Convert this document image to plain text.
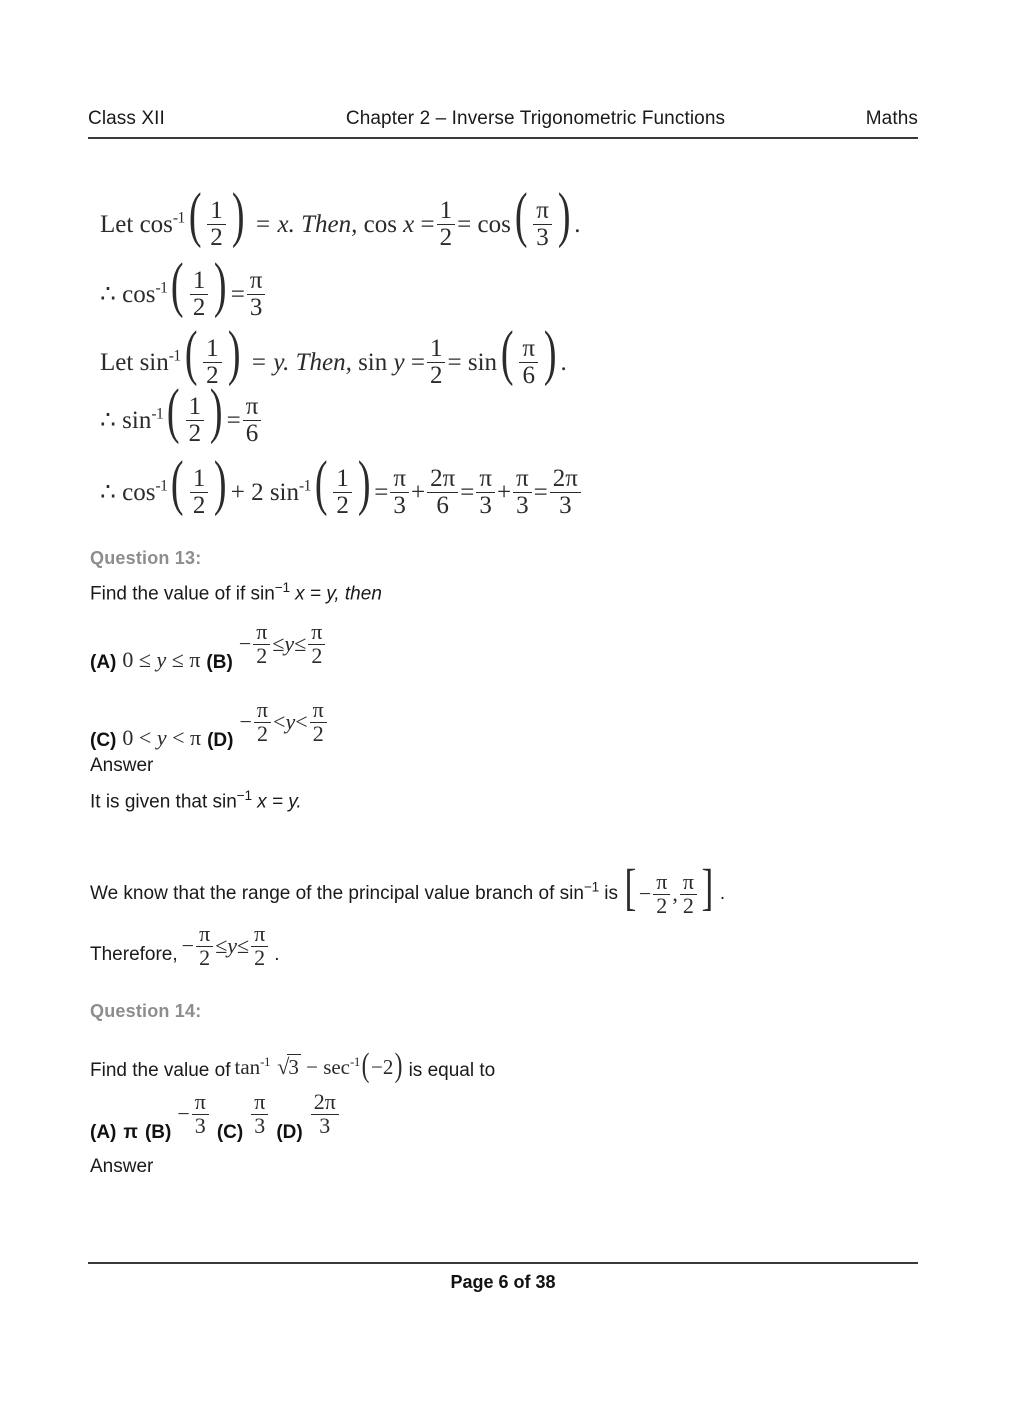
Class XII	Chapter 2 – Inverse Trigonometric Functions	Maths
Let $\cos^{-1}( \frac{1}{2}$ ) = x. Then, $\cos x = \frac{1}{2} = \cos( \frac{\pi}{3}$ ) .
∴ $\cos^{-1}( \frac{1}{2}$ ) = $\frac{\pi}{3}$
Let $\sin^{-1}( \frac{1}{2}$ ) = y. Then, $\sin y = \frac{1}{2} = \sin( \frac{\pi}{6}$ ) .
∴ $\sin^{-1}( \frac{1}{2}$ ) = $\frac{\pi}{6}$
∴ $\cos^{-1}( \frac{1}{2}$ ) + 2 $\sin^{-1}( \frac{1}{2}$ ) = $\frac{\pi}{3} + \frac{2\pi}{6} = \frac{\pi}{3} + \frac{\pi}{3} = \frac{2\pi}{3}$
Question 13:
Find the value of if $\sin^{-1} x = y$, then
(A) 0 ≤ y ≤ π (B)
− $\frac{\pi}{2} \le y\le \frac{\pi}{2}$
(C) 0 < y < π (D)
− $\frac{\pi}{2} <y< \frac{\pi}{2}$
Answer
It is given that $\sin^{-1} x = y$.
We know that the range of the principal value branch of $\sin^{-1}$ is [ − $\frac{\pi}{2}$ , $\frac{\pi}{2}$ ] .
Therefore, − $\frac{\pi}{2} \le y\le \frac{\pi}{2}$ .
Question 14:
Find the value of $\tan^{-1} √3 - \sec^{-1}(-2)$ is equal to
(A) π (B)
− $\frac{\pi}{3} (C) \frac{\pi}{3} (D) \frac{2\pi}{3}$
Answer
Page 6 of 38
